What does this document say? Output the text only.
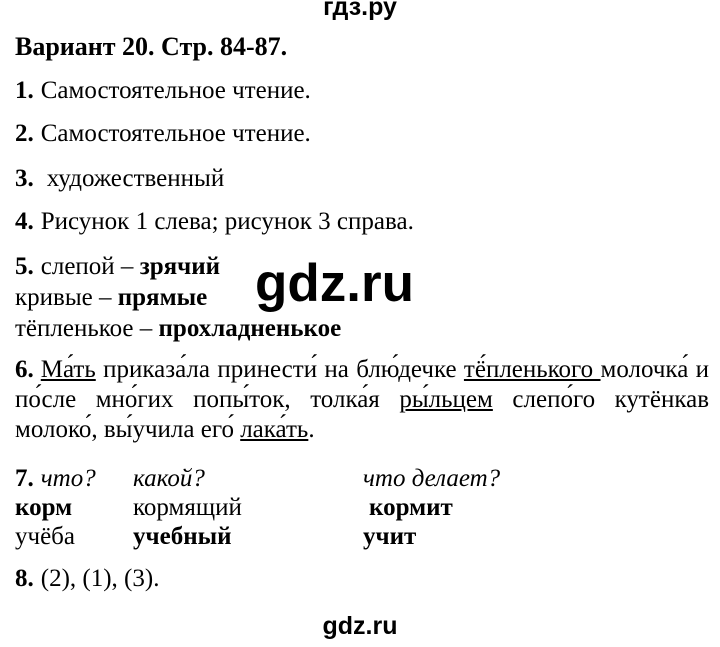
гдз.ру
Вариант 20. Стр. 84-87.
1. Самостоятельное чтение.
2. Самостоятельное чтение.
3. художественный
4. Рисунок 1 слева; рисунок 3 справа.
5. слепой – зрячий
кривые – прямые
тёпленькое – прохладненькое
gdz.ru
6. Ма́ть приказа́ла принести́ на блю́дечке тё́пленького молочка́ и по́сле мно́гих попы́ток, толка́я ры́льцем слепо́го кутёнкав молоко́, вы́учила его́ лака́ть.
7. что?	какой?	что делает?
корм	кормящий	кормит
учёба	учебный	учит
8. (2), (1), (3).
gdz.ru
